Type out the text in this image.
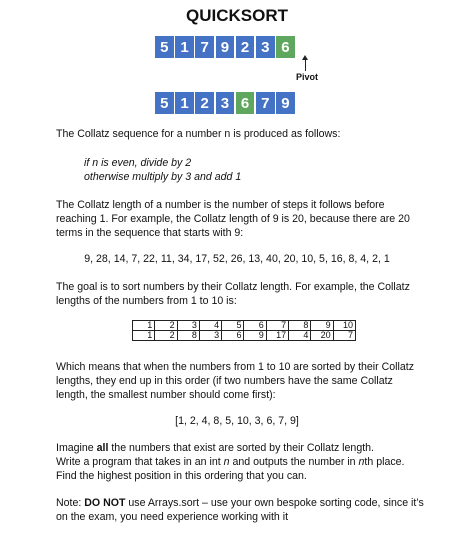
QUICKSORT
5 1 7 9 2 3 6
Pivot
5 1 2 3 6 7 9
The Collatz sequence for a number n is produced as follows:
if n is even, divide by 2
otherwise multiply by 3 and add 1
The Collatz length of a number is the number of steps it follows before
reaching 1. For example, the Collatz length of 9 is 20, because there are 20
terms in the sequence that starts with 9:
9, 28, 14, 7, 22, 11, 34, 17, 52, 26, 13, 40, 20, 10, 5, 16, 8, 4, 2, 1
The goal is to sort numbers by their Collatz length. For example, the Collatz
lengths of the numbers from 1 to 10 is:
1	2	3	4	5	6	7	8	9	10
1	2	8	3	6	9	17	4	20	7
Which means that when the numbers from 1 to 10 are sorted by their Collatz
lengths, they end up in this order (if two numbers have the same Collatz
length, the smallest number should come first):
[1, 2, 4, 8, 5, 10, 3, 6, 7, 9]
Imagine all the numbers that exist are sorted by their Collatz length.
Write a program that takes in an int n and outputs the number in nth place.
Find the highest position in this ordering that you can.
Note: DO NOT use Arrays.sort – use your own bespoke sorting code, since it’s
on the exam, you need experience working with it
